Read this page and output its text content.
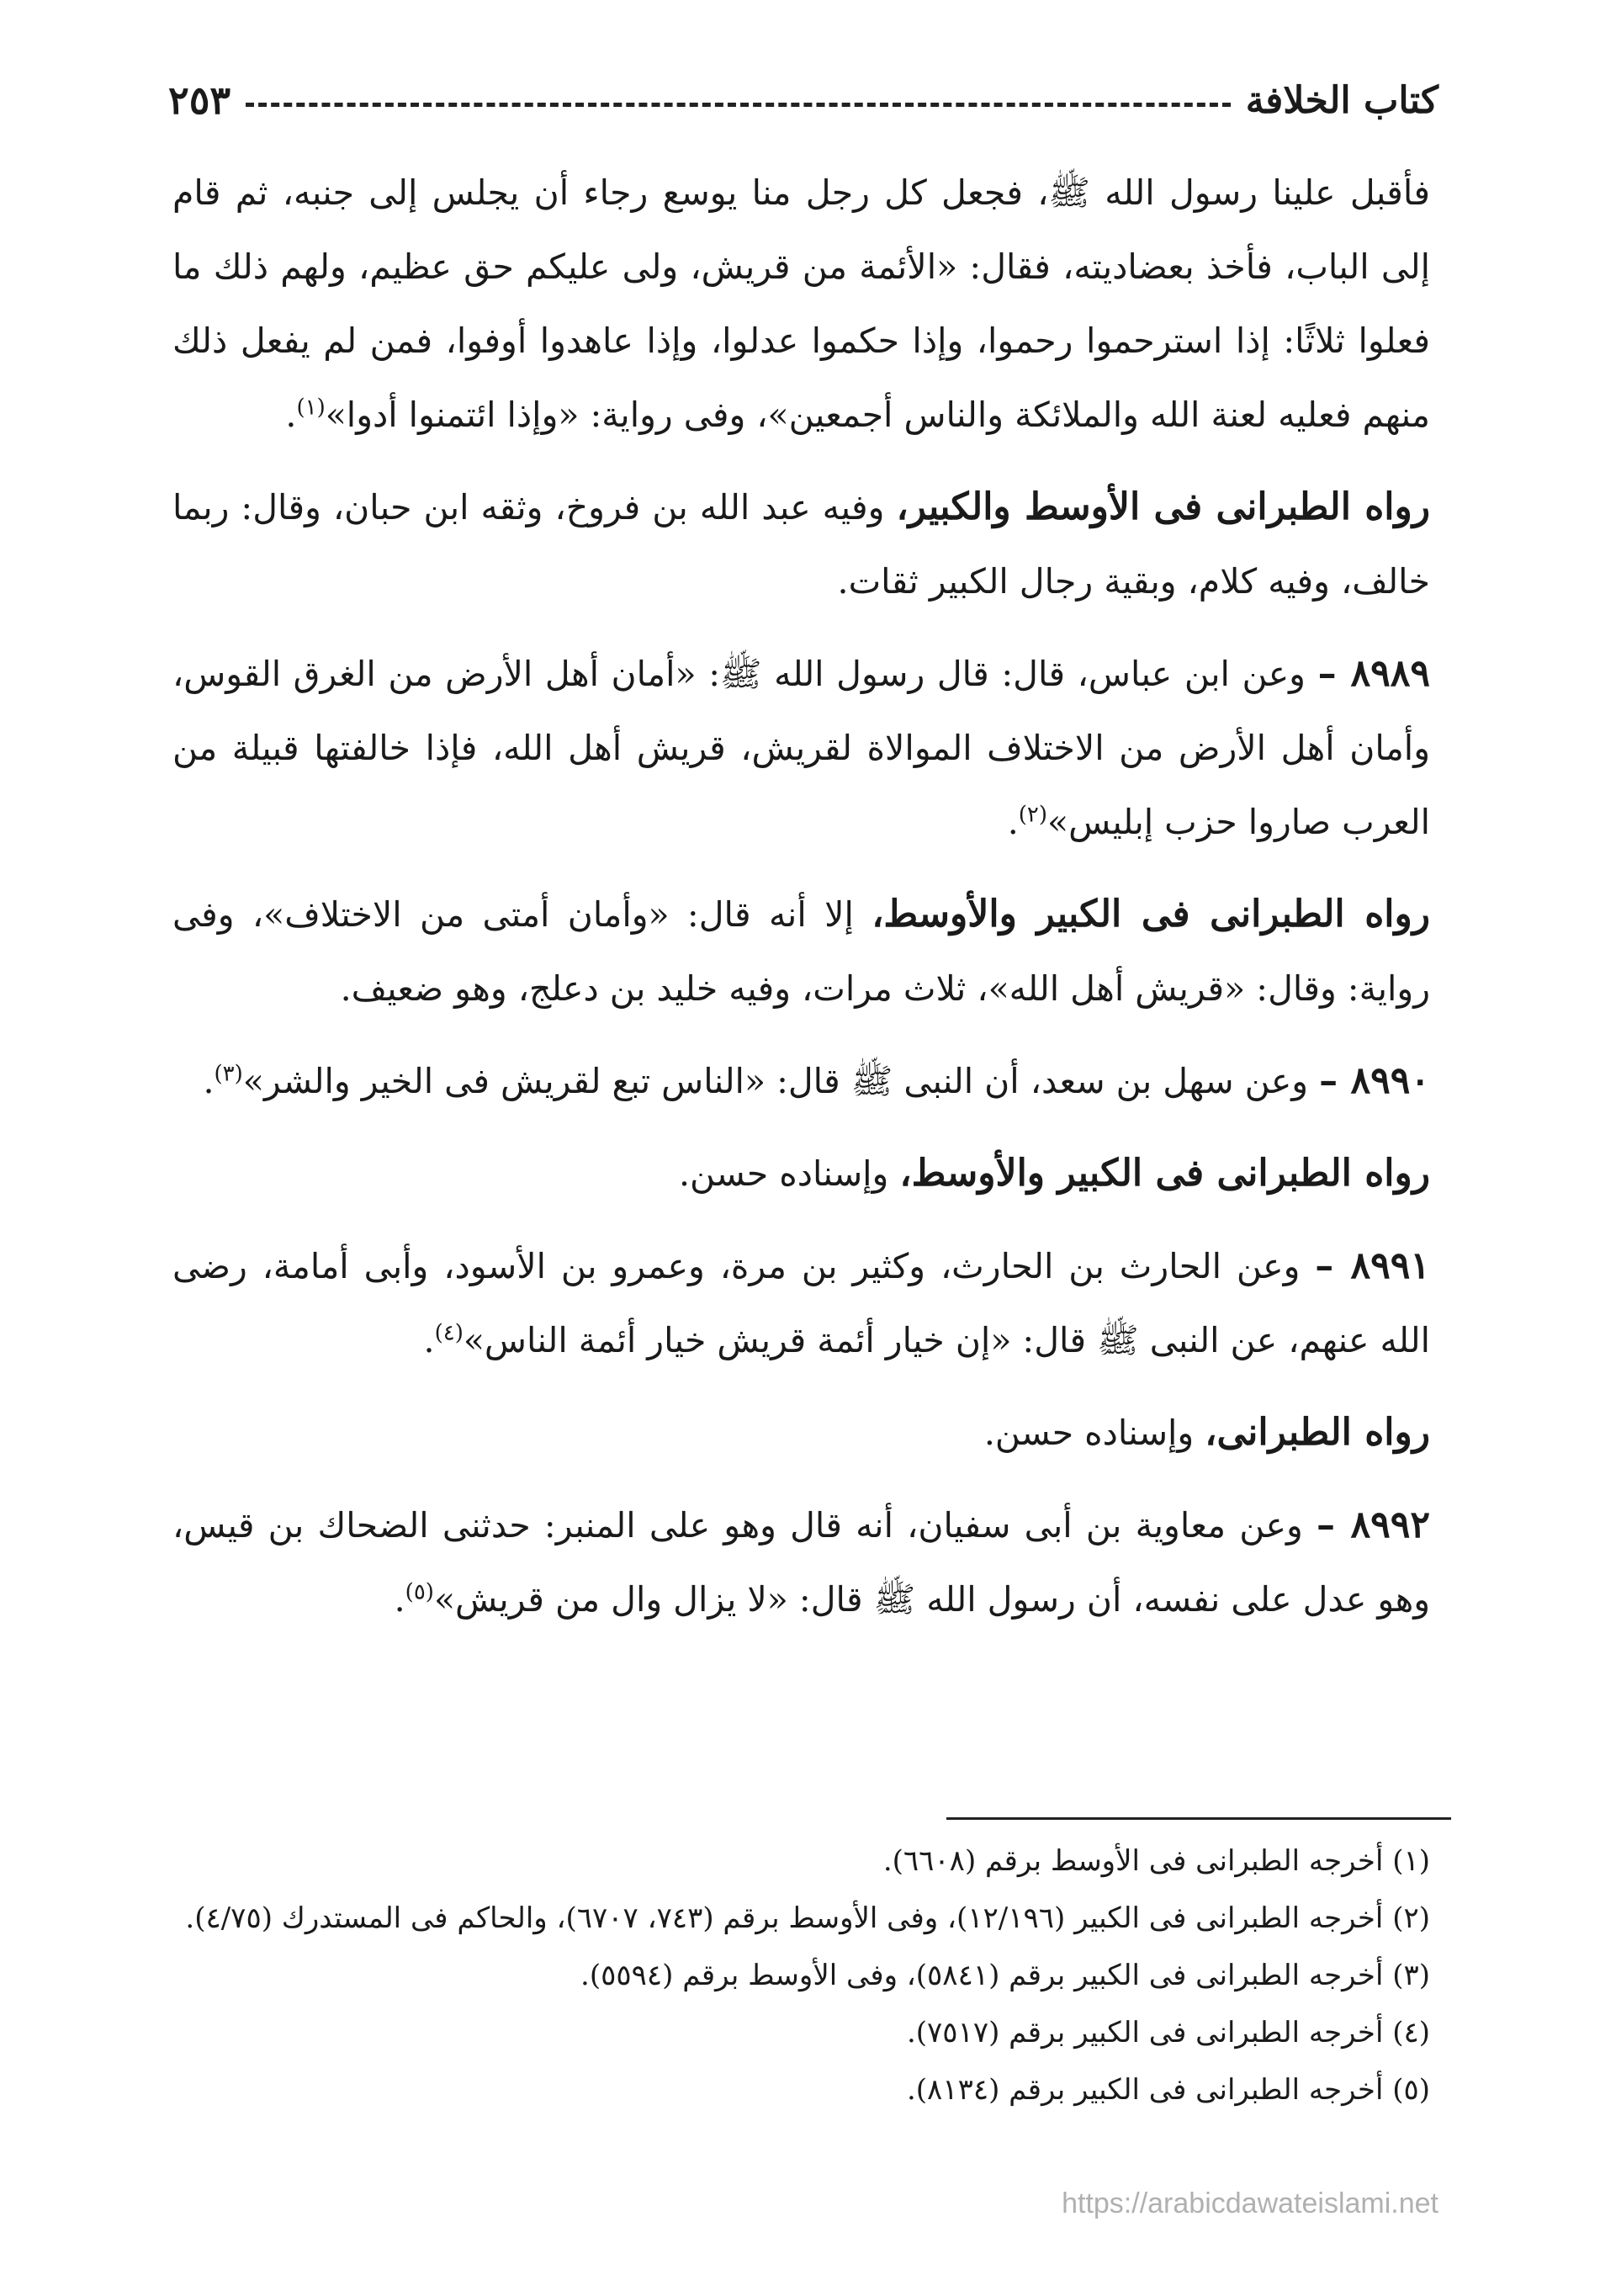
كتاب الخلافة
٢٥٣

فأقبل علينا رسول الله ﷺ، فجعل كل رجل منا يوسع رجاء أن يجلس إلى جنبه، ثم قام إلى الباب، فأخذ بعضاديته، فقال: «الأئمة من قريش، ولى عليكم حق عظيم، ولهم ذلك ما فعلوا ثلاثًا: إذا استرحموا رحموا، وإذا حكموا عدلوا، وإذا عاهدوا أوفوا، فمن لم يفعل ذلك منهم فعليه لعنة الله والملائكة والناس أجمعين»، وفى رواية: «وإذا ائتمنوا أدوا»$^{(١)}$.

رواه الطبرانى فى الأوسط والكبير، وفيه عبد الله بن فروخ، وثقه ابن حبان، وقال: ربما خالف، وفيه كلام، وبقية رجال الكبير ثقات.

٨٩٨٩ – وعن ابن عباس، قال: قال رسول الله ﷺ: «أمان أهل الأرض من الغرق القوس، وأمان أهل الأرض من الاختلاف الموالاة لقريش، قريش أهل الله، فإذا خالفتها قبيلة من العرب صاروا حزب إبليس»$^{(٢)}$.

رواه الطبرانى فى الكبير والأوسط، إلا أنه قال: «وأمان أمتى من الاختلاف»، وفى رواية: وقال: «قريش أهل الله»، ثلاث مرات، وفيه خليد بن دعلج، وهو ضعيف.

٨٩٩٠ – وعن سهل بن سعد، أن النبى ﷺ قال: «الناس تبع لقريش فى الخير والشر»$^{(٣)}$.

رواه الطبرانى فى الكبير والأوسط، وإسناده حسن.

٨٩٩١ – وعن الحارث بن الحارث، وكثير بن مرة، وعمرو بن الأسود، وأبى أمامة، رضى الله عنهم، عن النبى ﷺ قال: «إن خيار أئمة قريش خيار أئمة الناس»$^{(٤)}$.

رواه الطبرانى، وإسناده حسن.

٨٩٩٢ – وعن معاوية بن أبى سفيان، أنه قال وهو على المنبر: حدثنى الضحاك بن قيس، وهو عدل على نفسه، أن رسول الله ﷺ قال: «لا يزال وال من قريش»$^{(٥)}$.

(١) أخرجه الطبرانى فى الأوسط برقم (٦٦٠٨).

(٢) أخرجه الطبرانى فى الكبير (١٢/١٩٦)، وفى الأوسط برقم (٧٤٣، ٦٧٠٧)، والحاكم فى المستدرك (٤/٧٥).

(٣) أخرجه الطبرانى فى الكبير برقم (٥٨٤١)، وفى الأوسط برقم (٥٥٩٤).

(٤) أخرجه الطبرانى فى الكبير برقم (٧٥١٧).

(٥) أخرجه الطبرانى فى الكبير برقم (٨١٣٤).

https://arabicdawateislami.net
